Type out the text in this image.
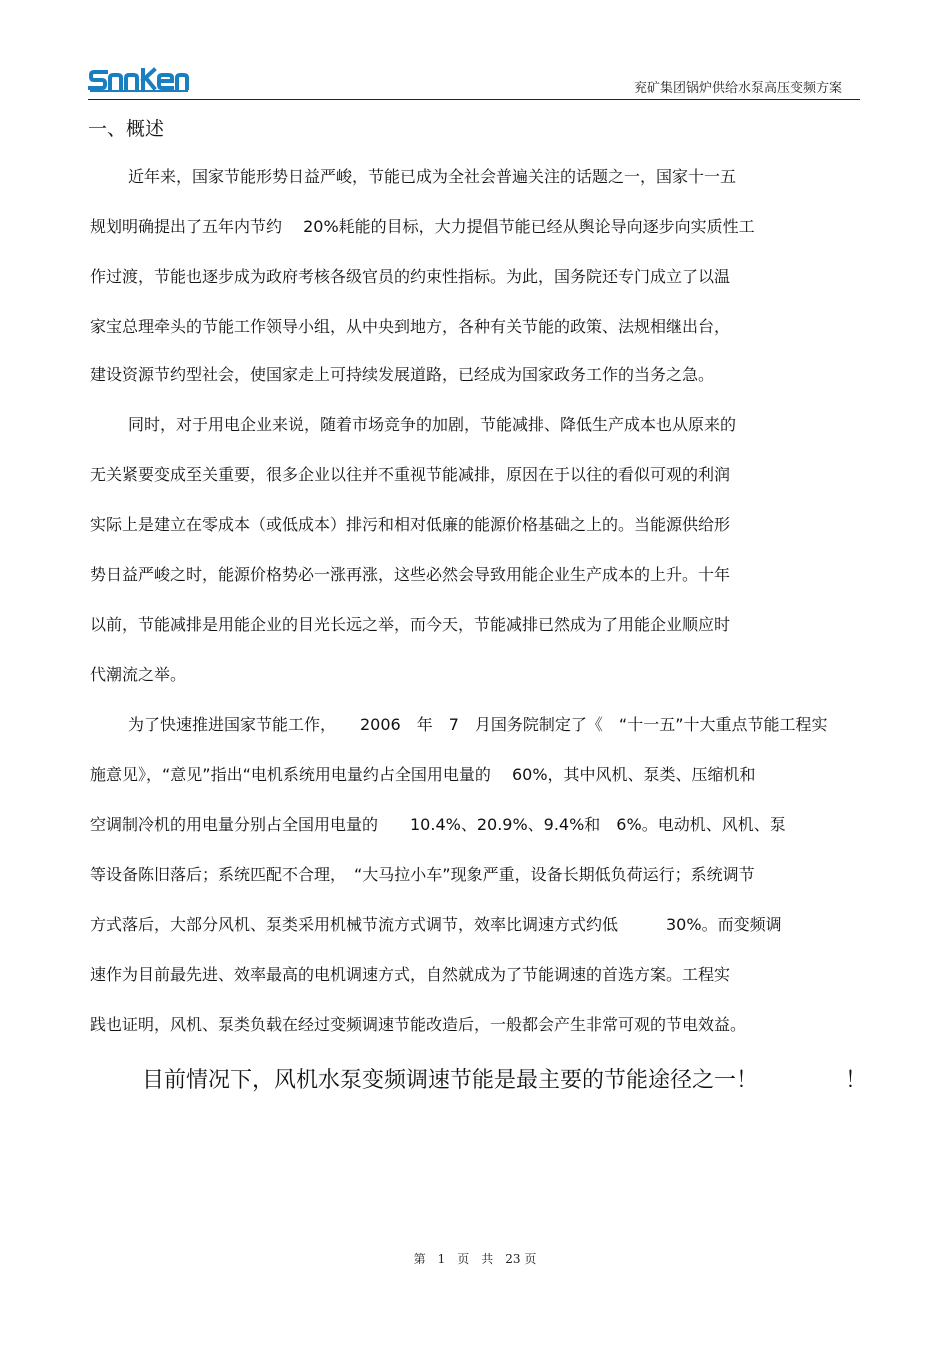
兖矿集团锅炉供给水泵高压变频方案
一、概述
近年来，国家节能形势日益严峻，节能已成为全社会普遍关注的话题之一，国家十一五
规划明确提出了五年内节约　 20%耗能的目标，大力提倡节能已经从舆论导向逐步向实质性工
作过渡，节能也逐步成为政府考核各级官员的约束性指标。为此，国务院还专门成立了以温
家宝总理牵头的节能工作领导小组，从中央到地方，各种有关节能的政策、法规相继出台，
建设资源节约型社会，使国家走上可持续发展道路，已经成为国家政务工作的当务之急。
同时，对于用电企业来说，随着市场竞争的加剧，节能减排、降低生产成本也从原来的
无关紧要变成至关重要，很多企业以往并不重视节能减排，原因在于以往的看似可观的利润
实际上是建立在零成本（或低成本）排污和相对低廉的能源价格基础之上的。当能源供给形
势日益严峻之时，能源价格势必一涨再涨，这些必然会导致用能企业生产成本的上升。十年
以前，节能减排是用能企业的目光长远之举，而今天，节能减排已然成为了用能企业顺应时
代潮流之举。
为了快速推进国家节能工作，　　2006　年　7　月国务院制定了《　“十一五”十大重点节能工程实
施意见》，“意见”指出“电机系统用电量约占全国用电量的　 60%，其中风机、泵类、压缩机和
空调制冷机的用电量分别占全国用电量的　　10.4%、20.9%、9.4%和　6%。电动机、风机、泵
等设备陈旧落后；系统匹配不合理，　“大马拉小车”现象严重，设备长期低负荷运行；系统调节
方式落后，大部分风机、泵类采用机械节流方式调节，效率比调速方式约低　　　30%。而变频调
速作为目前最先进、效率最高的电机调速方式，自然就成为了节能调速的首选方案。工程实
践也证明，风机、泵类负载在经过变频调速节能改造后，一般都会产生非常可观的节电效益。
目前情况下，风机水泵变频调速节能是最主要的节能途径之一！	！
第　1　页　共　23 页
